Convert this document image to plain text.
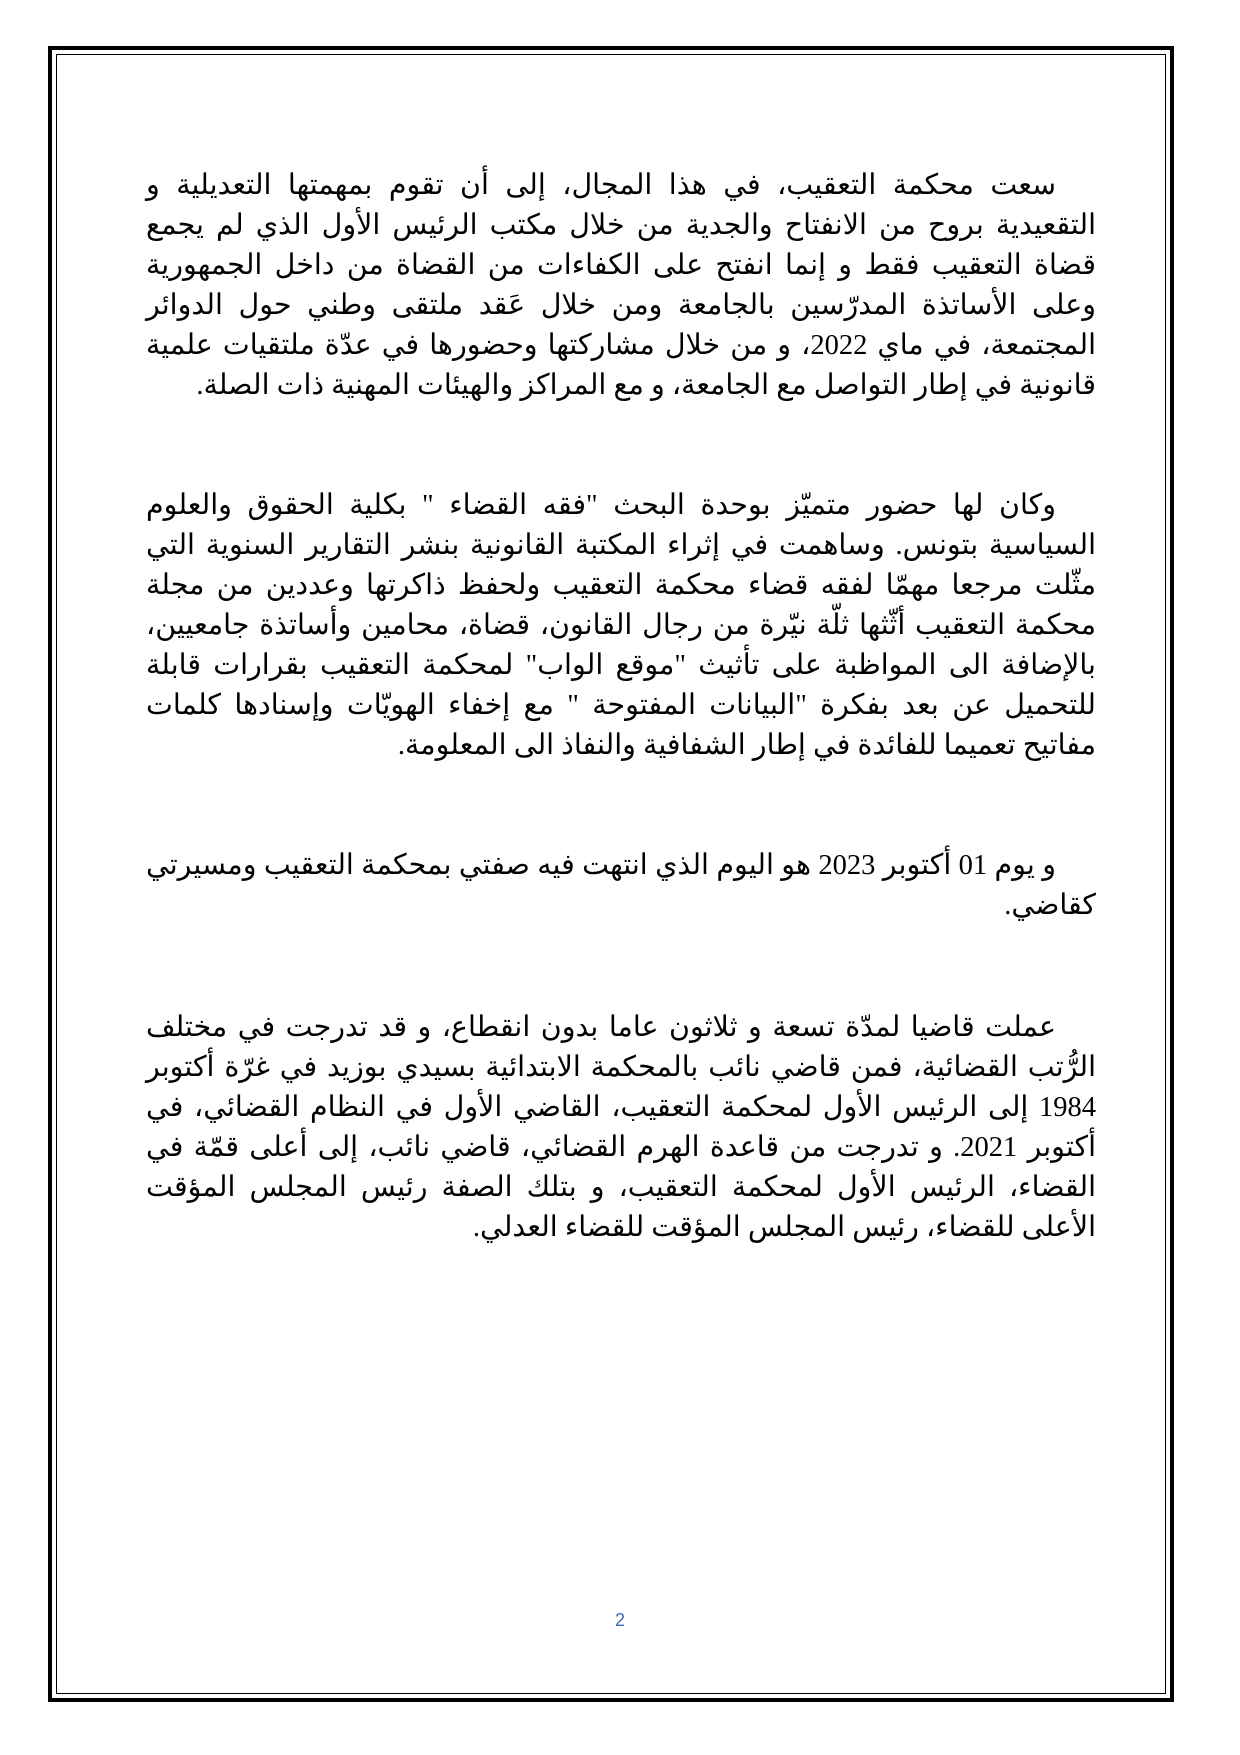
سعت محكمة التعقيب، في هذا المجال، إلى أن تقوم بمهمتها التعديلية و التقعيدية بروح من الانفتاح والجدية من خلال مكتب الرئيس الأول الذي لم يجمع قضاة التعقيب فقط و إنما انفتح على الكفاءات من القضاة من داخل الجمهورية وعلى الأساتذة المدرّسين بالجامعة ومن خلال عَقد ملتقى وطني حول الدوائر المجتمعة، في ماي 2022، و من خلال مشاركتها وحضورها في عدّة ملتقيات علمية قانونية في إطار التواصل مع الجامعة، و مع المراكز والهيئات المهنية ذات الصلة.

وكان لها حضور متميّز بوحدة البحث "فقه القضاء " بكلية الحقوق والعلوم السياسية بتونس. وساهمت في إثراء المكتبة القانونية بنشر التقارير السنوية التي مثّلت مرجعا مهمّا لفقه قضاء محكمة التعقيب ولحفظ ذاكرتها وعددين من مجلة محكمة التعقيب أثّثها ثلّة نيّرة من رجال القانون، قضاة، محامين وأساتذة جامعيين، بالإضافة الى المواظبة على تأثيث "موقع الواب" لمحكمة التعقيب بقرارات قابلة للتحميل عن بعد بفكرة "البيانات المفتوحة " مع إخفاء الهويّات وإسنادها كلمات مفاتيح تعميما للفائدة في إطار الشفافية والنفاذ الى المعلومة.

و يوم 01 أكتوبر 2023 هو اليوم الذي انتهت فيه صفتي بمحكمة التعقيب ومسيرتي كقاضي.

عملت قاضيا لمدّة تسعة و ثلاثون عاما بدون انقطاع، و قد تدرجت في مختلف الرُّتب القضائية، فمن قاضي نائب بالمحكمة الابتدائية بسيدي بوزيد في غرّة أكتوبر 1984 إلى الرئيس الأول لمحكمة التعقيب، القاضي الأول في النظام القضائي، في أكتوبر 2021. و تدرجت من قاعدة الهرم القضائي، قاضي نائب، إلى أعلى قمّة في القضاء، الرئيس الأول لمحكمة التعقيب، و بتلك الصفة رئيس المجلس المؤقت الأعلى للقضاء، رئيس المجلس المؤقت للقضاء العدلي.

2
